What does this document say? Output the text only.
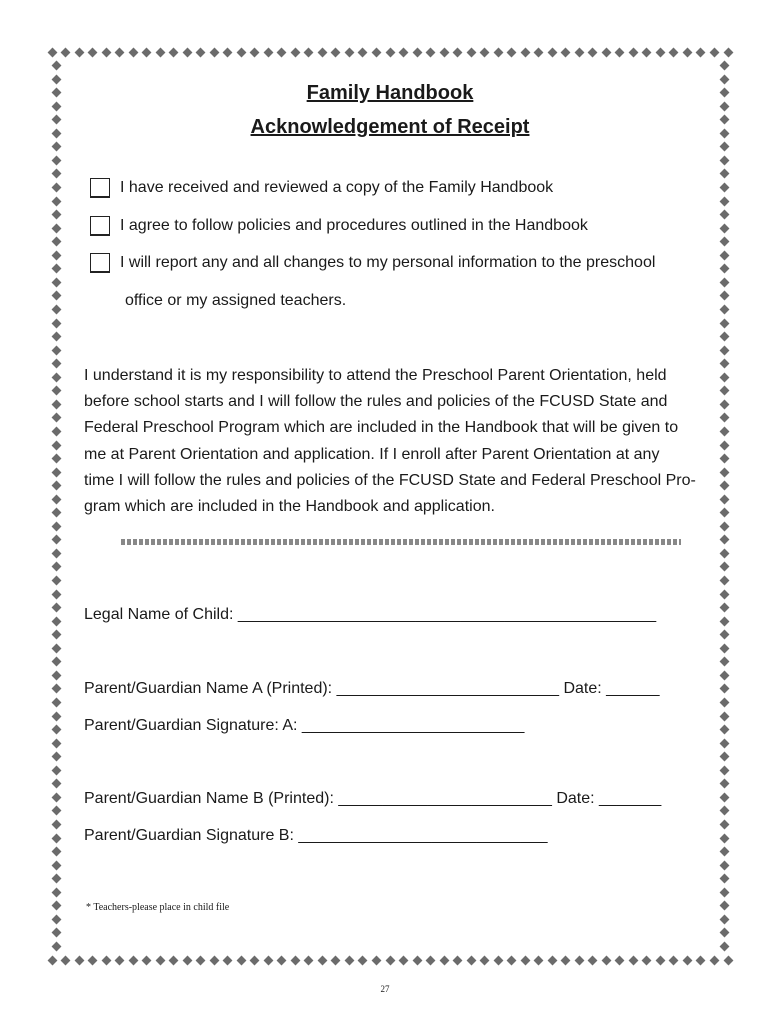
Family Handbook
Acknowledgement of Receipt
I have received and reviewed a copy of the Family Handbook
I agree to follow policies and procedures outlined in the Handbook
I will report any and all changes to my personal information to the preschool
office or my assigned teachers.
I understand it is my responsibility to attend the Preschool Parent Orientation, held
before school starts and I will follow the rules and policies of the FCUSD State and
Federal Preschool Program which are included in the Handbook that will be given to
me at Parent Orientation and application. If I enroll after Parent Orientation at any
time I will follow the rules and policies of the FCUSD State and Federal Preschool Pro-
gram which are included in the Handbook and application.
Legal Name of Child: _______________________________________________
Parent/Guardian Name A (Printed): _________________________ Date: ______
Parent/Guardian Signature: A: _________________________
Parent/Guardian Name B (Printed): ________________________ Date: _______
Parent/Guardian Signature B: ____________________________
* Teachers-please place in child file
27
